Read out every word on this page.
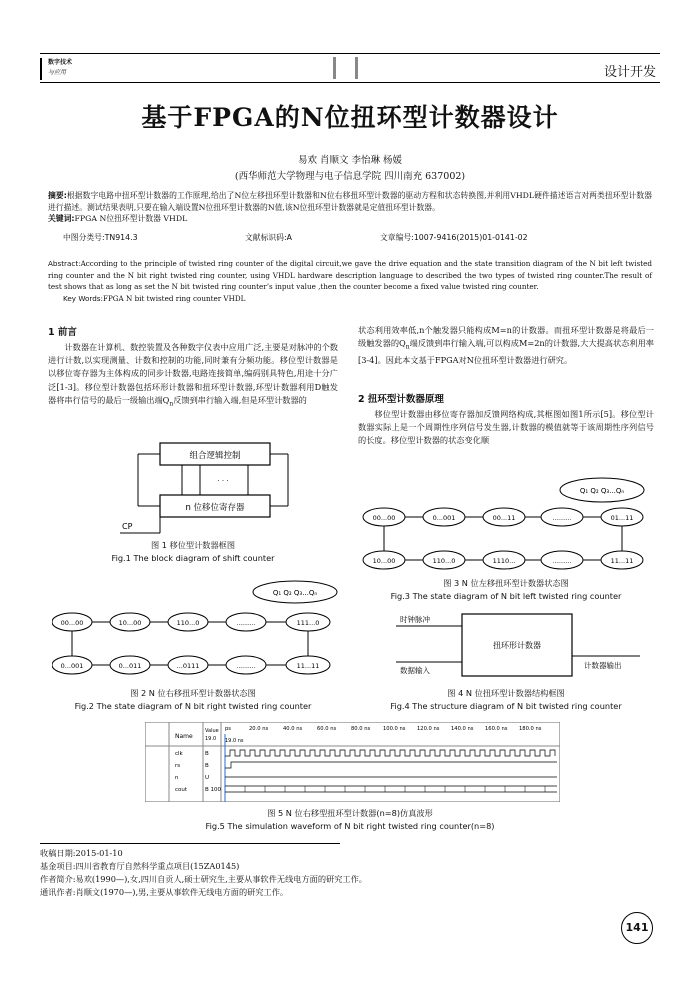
数字技术
与应用	设计开发
基于FPGA的N位扭环型计数器设计
易欢 肖顺文 李怡琳 杨媛
(西华师范大学物理与电子信息学院 四川南充 637002)
摘要:根据数字电路中扭环型计数器的工作原理,给出了N位左移扭环型计数器和N位右移扭环型计数器的驱动方程和状态转换图,并利用VHDL硬件描述语言对两类扭环型计数器进行描述。测试结果表明,只要在输入端设置N位扭环型计数器的N值,该N位扭环型计数器就是定值扭环型计数器。
关键词:FPGA N位扭环型计数器 VHDL
中图分类号:TN914.3	文献标识码:A	文章编号:1007-9416(2015)01-0141-02
Abstract:According to the principle of twisted ring counter of the digital circuit,we gave the drive equation and the state transition diagram of the N bit left twisted ring counter and the N bit right twisted ring counter, using VHDL hardware description language to described the two types of twisted ring counter.The result of test shows that as long as set the N bit twisted ring counter’s input value ,then the counter become a fixed value twisted ring counter.
Key Words:FPGA N bit twisted ring counter VHDL
1 前言
计数器在计算机、数控装置及各种数字仪表中应用广泛,主要是对脉冲的个数进行计数,以实现测量、计数和控制的功能,同时兼有分频功能。移位型计数器是以移位寄存器为主体构成的同步计数器,电路连接简单,编码别具特色,用途十分广泛[1-3]。移位型计数器包括环形计数器和扭环型计数器,环型计数器利用D触发器将串行信号的最后一级输出端$Q_n$反馈到串行输入端,但是环型计数器的
状态利用效率低,n个触发器只能构成M=n的计数器。而扭环型计数器是将最后一级触发器的$Q_n$端反馈到串行输入端,可以构成M=2n的计数器,大大提高状态利用率[3-4]。因此本文基于FPGA对N位扭环型计数器进行研究。
2 扭环型计数器原理
移位型计数器由移位寄存器加反馈网络构成,其框图如图1所示[5]。移位型计数器实际上是一个周期性序列信号发生器,计数器的模值就等于该周期性序列信号的长度。移位型计数器的状态变化顺
组合逻辑控制
n 位移位寄存器
· · ·
CP
图 1 移位型计数器框图
Fig.1 The block diagram of shift counter
Q₁ Q₂ Q₃...Qₙ
00...00	0...001	00...11	..........	01...11
10...00	110...0	1110...	..........	11...11
图 3 N 位左移扭环型计数器状态图
Fig.3 The state diagram of N bit left twisted ring counter
Q₁ Q₂ Q₃...Qₙ
00...00	10...00	110...0	..........	111...0
0...001	0...011	...0111	..........	11...11
图 2 N 位右移扭环型计数器状态图
Fig.2 The state diagram of N bit right twisted ring counter
扭环形计数器
时钟脉冲
数据输入
计数器输出
图 4 N 位扭环型计数器结构框图
Fig.4 The structure diagram of N bit twisted ring counter
Name
Value
19.0
ps	20.0 ns	40.0 ns	60.0 ns	80.0 ns 100.0 ns 120.0 ns 140.0 ns 160.0 ns 180.0 ns
19.0 ns
clk	B
rs	B
n	U
cout	B 100
图 5 N 位右移型扭环型计数器(n=8)仿真波形
Fig.5 The simulation waveform of N bit right twisted ring counter(n=8)
收稿日期:2015-01-10
基金项目:四川省教育厅自然科学重点项目(15ZA0145)
作者简介:易欢(1990—),女,四川自贡人,硕士研究生,主要从事软件无线电方面的研究工作。
通讯作者:肖顺文(1970—),男,主要从事软件无线电方面的研究工作。
141
